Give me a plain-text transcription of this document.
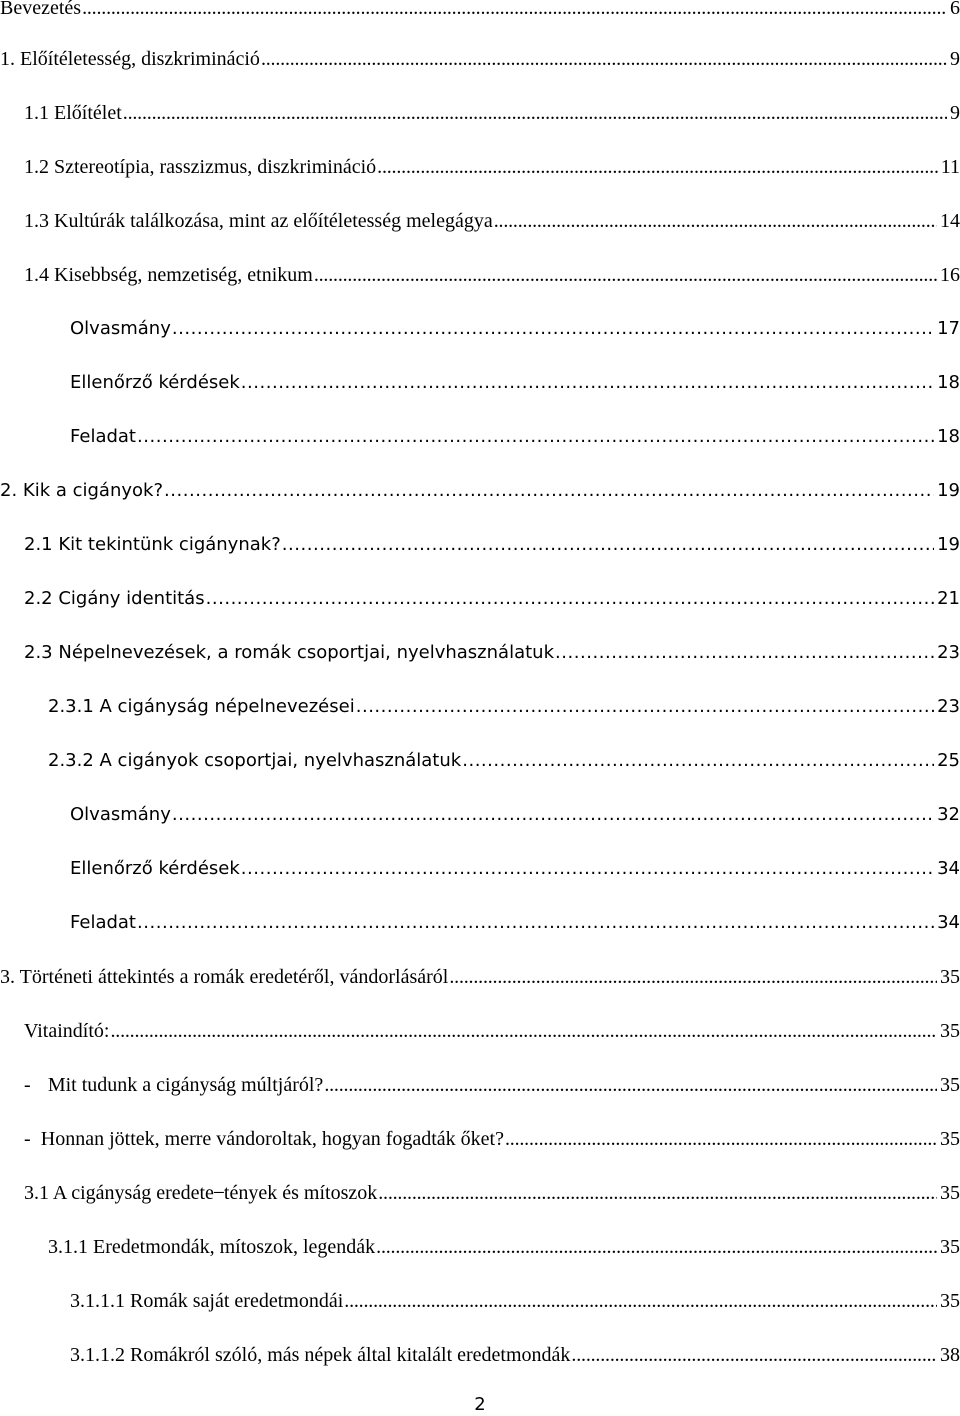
Bevezetés . . .	6
1. Előítéletesség, diszkrimináció . . .	9
1.1 Előítélet . . .	9
1.2 Sztereotípia, rasszizmus, diszkrimináció . . .	11
1.3 Kultúrák találkozása, mint az előítéletesség melegágya . . .	14
1.4 Kisebbség, nemzetiség, etnikum . . .	16
Olvasmány . . .	17
Ellenőrző kérdések . . .	18
Feladat . . .	18
2. Kik a cigányok? . . .	19
2.1 Kit tekintünk cigánynak? . . .	19
2.2 Cigány identitás . . .	21
2.3 Népelnevezések, a romák csoportjai, nyelvhasználatuk . . .	23
2.3.1 A cigányság népelnevezései . . .	23
2.3.2 A cigányok csoportjai, nyelvhasználatuk . . .	25
Olvasmány . . .	32
Ellenőrző kérdések . . .	34
Feladat . . .	34
3. Történeti áttekintés a romák eredetéről, vándorlásáról . . .	35
Vitaindító: . . .	35
- Mit tudunk a cigányság múltjáról? . . .	35
- Honnan jöttek, merre vándoroltak, hogyan fogadták őket? . . .	35
3.1 A cigányság eredete ̶ tények és mítoszok . . .	35
3.1.1 Eredetmondák, mítoszok, legendák . . .	35
3.1.1.1 Romák saját eredetmondái . . .	35
3.1.1.2 Romákról szóló, más népek által kitalált eredetmondák . . .	38
2
